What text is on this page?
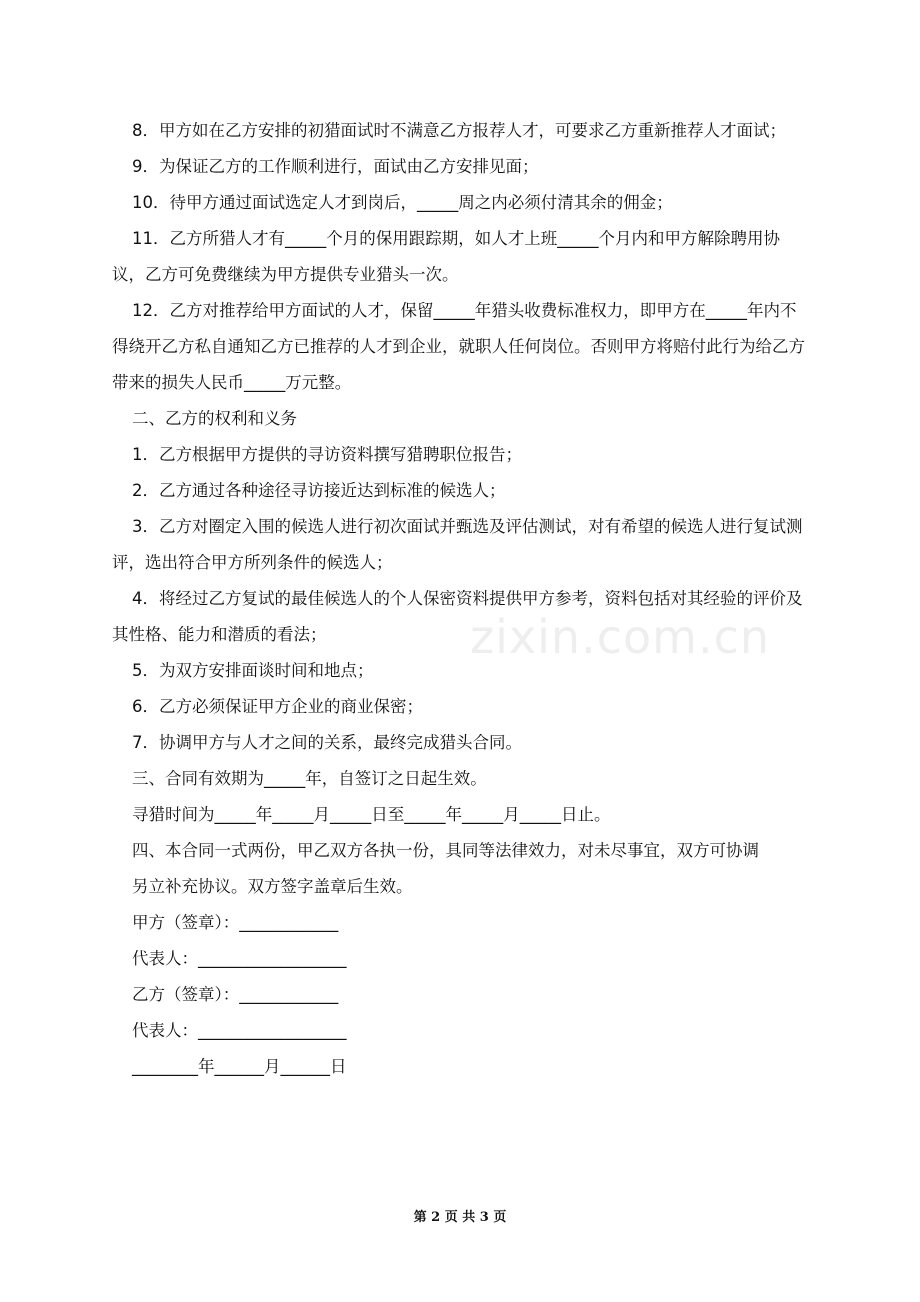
8．甲方如在乙方安排的初猎面试时不满意乙方报荐人才，可要求乙方重新推荐人才面试；

9．为保证乙方的工作顺利进行，面试由乙方安排见面；

10．待甲方通过面试选定人才到岗后，_____周之内必须付清其余的佣金；

11．乙方所猎人才有_____个月的保用跟踪期，如人才上班_____个月内和甲方解除聘用协议，乙方可免费继续为甲方提供专业猎头一次。

12．乙方对推荐给甲方面试的人才，保留_____年猎头收费标准权力，即甲方在_____年内不得绕开乙方私自通知乙方已推荐的人才到企业，就职人任何岗位。否则甲方将赔付此行为给乙方带来的损失人民币_____万元整。

二、乙方的权利和义务

1．乙方根据甲方提供的寻访资料撰写猎聘职位报告；

2．乙方通过各种途径寻访接近达到标准的候选人；

3．乙方对圈定入围的候选人进行初次面试并甄选及评估测试，对有希望的候选人进行复试测评，选出符合甲方所列条件的候选人；

4．将经过乙方复试的最佳候选人的个人保密资料提供甲方参考，资料包括对其经验的评价及其性格、能力和潜质的看法；

5．为双方安排面谈时间和地点；

6．乙方必须保证甲方企业的商业保密；

7．协调甲方与人才之间的关系，最终完成猎头合同。

三、合同有效期为_____年，自签订之日起生效。

寻猎时间为_____年_____月_____日至_____年_____月_____日止。

四、本合同一式两份，甲乙双方各执一份，具同等法律效力，对未尽事宜，双方可协调

另立补充协议。双方签字盖章后生效。

甲方（签章）：____________

代表人：__________________

乙方（签章）：____________

代表人：__________________

________年______月______日

zixin.com.cn
第 2 页 共 3 页
